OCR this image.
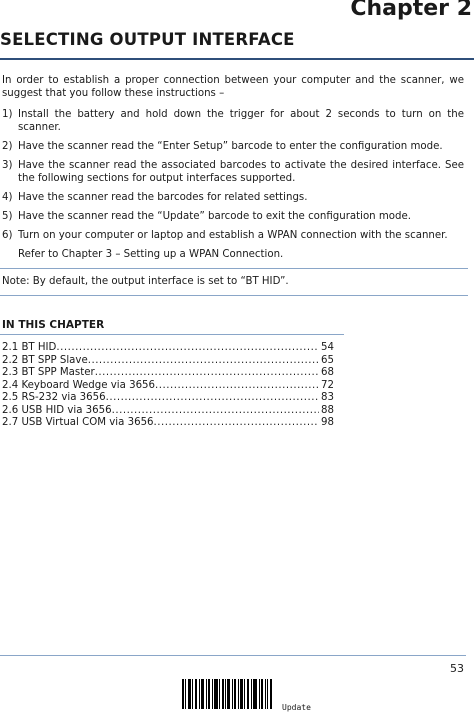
Chapter 2
SELECTING OUTPUT INTERFACE

In order to establish a proper connection between your computer and the scanner, we suggest that you follow these instructions –

1) Install the battery and hold down the trigger for about 2 seconds to turn on the scanner.
2) Have the scanner read the “Enter Setup” barcode to enter the configuration mode.
3) Have the scanner read the associated barcodes to activate the desired interface. See the following sections for output interfaces supported.
4) Have the scanner read the barcodes for related settings.
5) Have the scanner read the “Update” barcode to exit the configuration mode.
6) Turn on your computer or laptop and establish a WPAN connection with the scanner.
Refer to Chapter 3 – Setting up a WPAN Connection.
Note: By default, the output interface is set to “BT HID”.
IN THIS CHAPTER
2.1 BT HID .....	54
2.2 BT SPP Slave .....	65
2.3 BT SPP Master .....	68
2.4 Keyboard Wedge via 3656 .....	72
2.5 RS-232 via 3656 .....	83
2.6 USB HID via 3656 .....	88
2.7 USB Virtual COM via 3656 .....	98
53
Update
